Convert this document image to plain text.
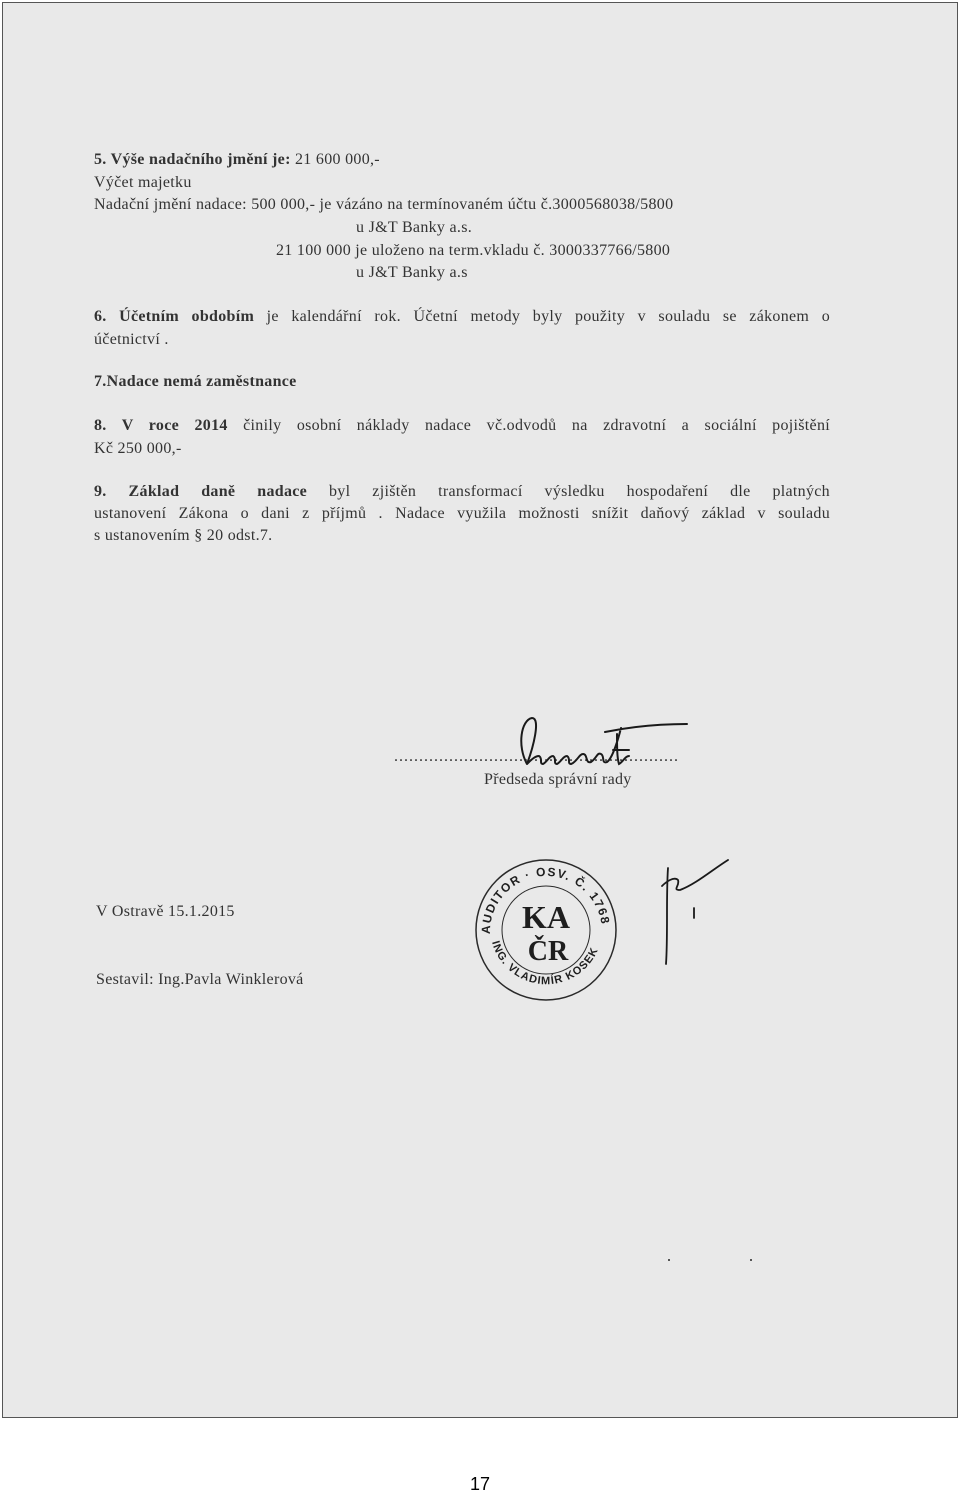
5. Výše nadačního jmění je: 21 600 000,-
Výčet majetku
Nadační jmění nadace: 500 000,- je vázáno na termínovaném účtu č.3000568038/5800
u J&T Banky a.s.
21 100 000 je uloženo na term.vkladu č. 3000337766/5800
u J&T Banky a.s
6. Účetním obdobím je kalendářní rok. Účetní metody byly použity v souladu se zákonem o
účetnictví .
7.Nadace nemá zaměstnance
8. V roce 2014 činily osobní náklady nadace vč.odvodů na zdravotní a sociální pojištění
Kč 250 000,-
9. Základ daně nadace byl zjištěn transformací výsledku hospodaření dle platných
ustanovení Zákona o dani z příjmů . Nadace využila možnosti snížit daňový základ v souladu
s ustanovením § 20 odst.7.
.........................................................
Předseda správní rady
V Ostravě 15.1.2015
Sestavil: Ing.Pavla Winklerová
AUDITOR · OSV. Č. 1768
ING. VLADIMÍR KOSEK
KA
ČR
17
